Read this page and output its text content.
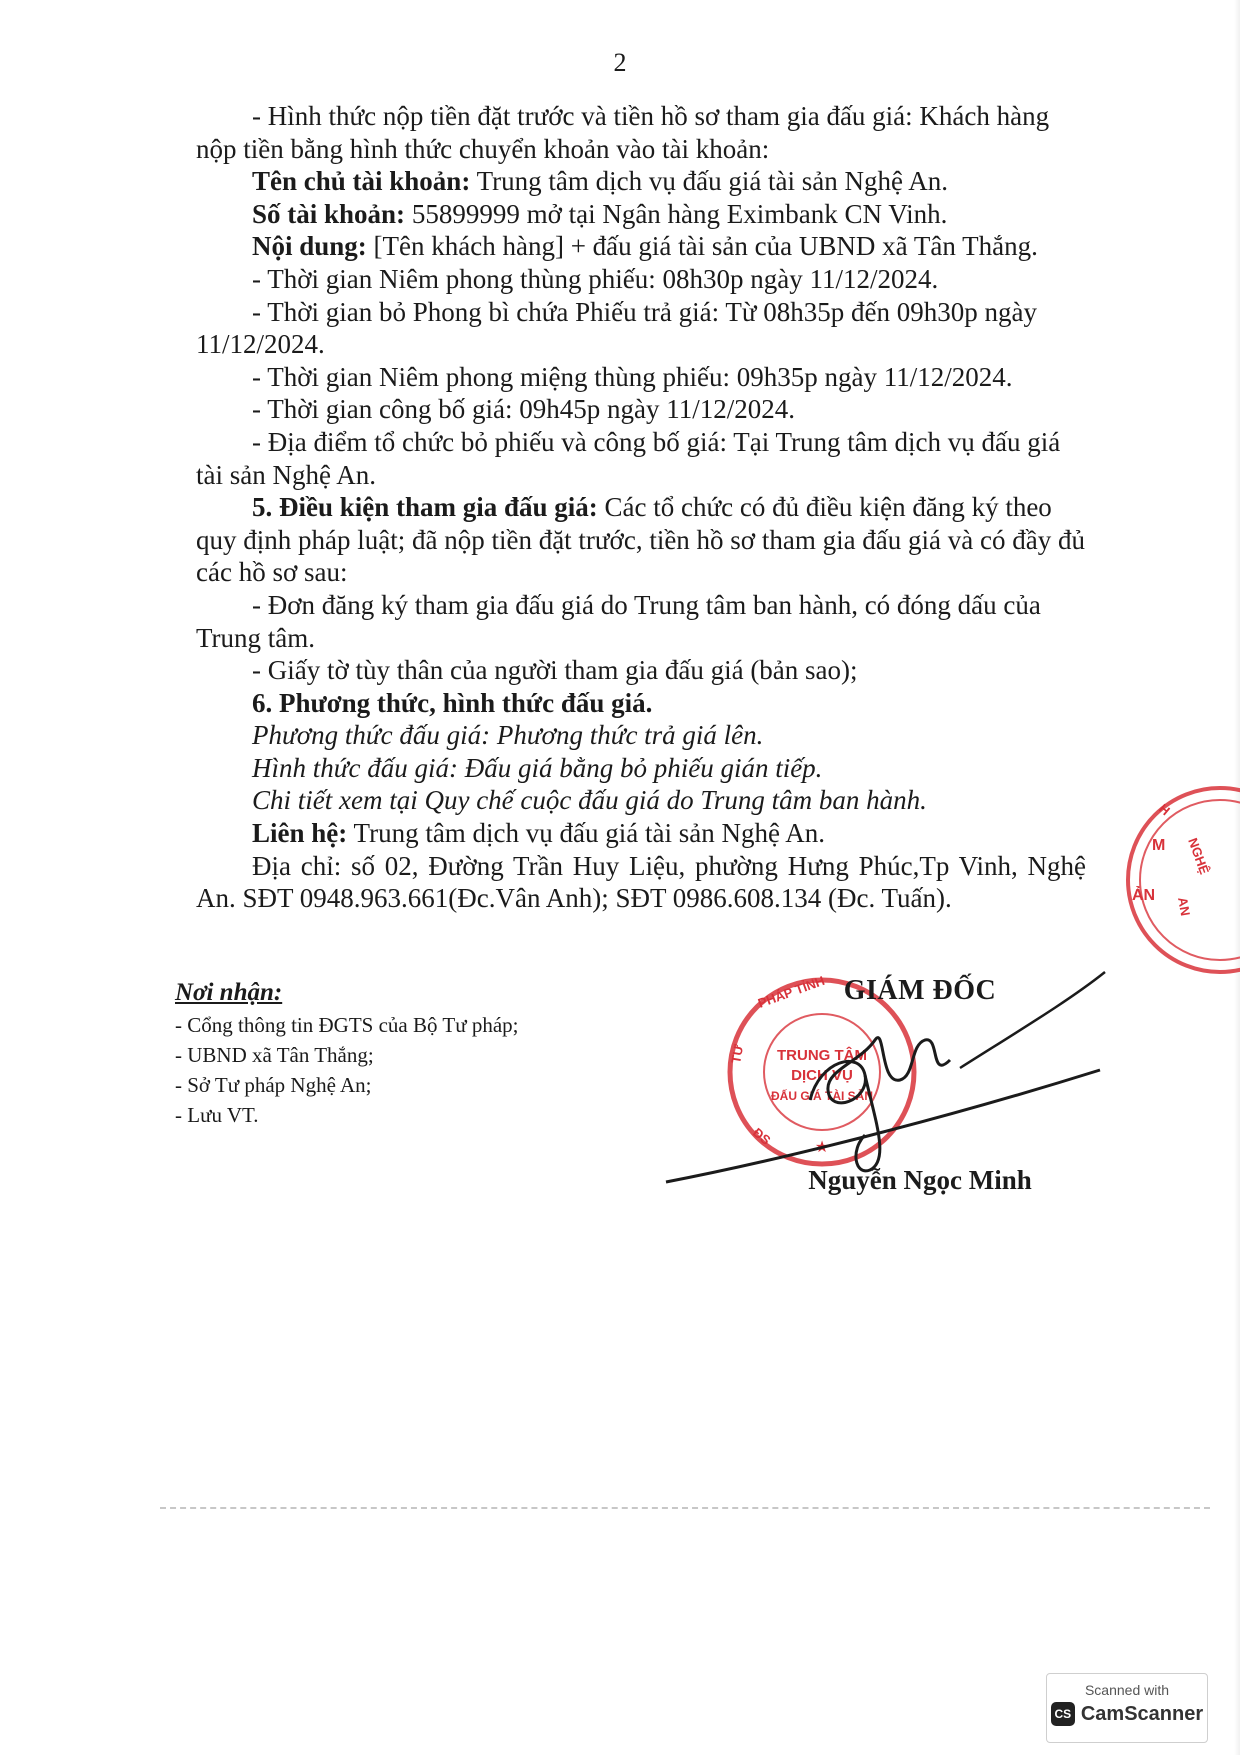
2

- Hình thức nộp tiền đặt trước và tiền hồ sơ tham gia đấu giá: Khách hàng nộp tiền bằng hình thức chuyển khoản vào tài khoản:

Tên chủ tài khoản: Trung tâm dịch vụ đấu giá tài sản Nghệ An.

Số tài khoản: 55899999 mở tại Ngân hàng Eximbank CN Vinh.

Nội dung: [Tên khách hàng] + đấu giá tài sản của UBND xã Tân Thắng.

- Thời gian Niêm phong thùng phiếu: 08h30p ngày 11/12/2024.

- Thời gian bỏ Phong bì chứa Phiếu trả giá: Từ 08h35p đến 09h30p ngày 11/12/2024.

- Thời gian Niêm phong miệng thùng phiếu: 09h35p ngày 11/12/2024.

- Thời gian công bố giá: 09h45p ngày 11/12/2024.

- Địa điểm tổ chức bỏ phiếu và công bố giá: Tại Trung tâm dịch vụ đấu giá tài sản Nghệ An.

5. Điều kiện tham gia đấu giá: Các tổ chức có đủ điều kiện đăng ký theo quy định pháp luật; đã nộp tiền đặt trước, tiền hồ sơ tham gia đấu giá và có đầy đủ các hồ sơ sau:

- Đơn đăng ký tham gia đấu giá do Trung tâm ban hành, có đóng dấu của Trung tâm.

- Giấy tờ tùy thân của người tham gia đấu giá (bản sao);

6. Phương thức, hình thức đấu giá.

Phương thức đấu giá: Phương thức trả giá lên.

Hình thức đấu giá: Đấu giá bằng bỏ phiếu gián tiếp.

Chi tiết xem tại Quy chế cuộc đấu giá do Trung tâm ban hành.

Liên hệ: Trung tâm dịch vụ đấu giá tài sản Nghệ An.

Địa chỉ: số 02, Đường Trần Huy Liệu, phường Hưng Phúc,Tp Vinh, Nghệ An. SĐT 0948.963.661(Đc.Vân Anh); SĐT 0986.608.134 (Đc. Tuấn).

Nơi nhận:
- Cổng thông tin ĐGTS của Bộ Tư pháp;
- UBND xã Tân Thắng;
- Sở Tư pháp Nghệ An;
- Lưu VT.
M
ẢN
H
NGHỆ
AN
PHÁP TỈNH
TƯ TRUNG TÂM
DỊCH VỤ
ĐẤU GIÁ TÀI SẢN
ĐS	★
GIÁM ĐỐC
Nguyễn Ngọc Minh
Scanned with
CS CamScanner
